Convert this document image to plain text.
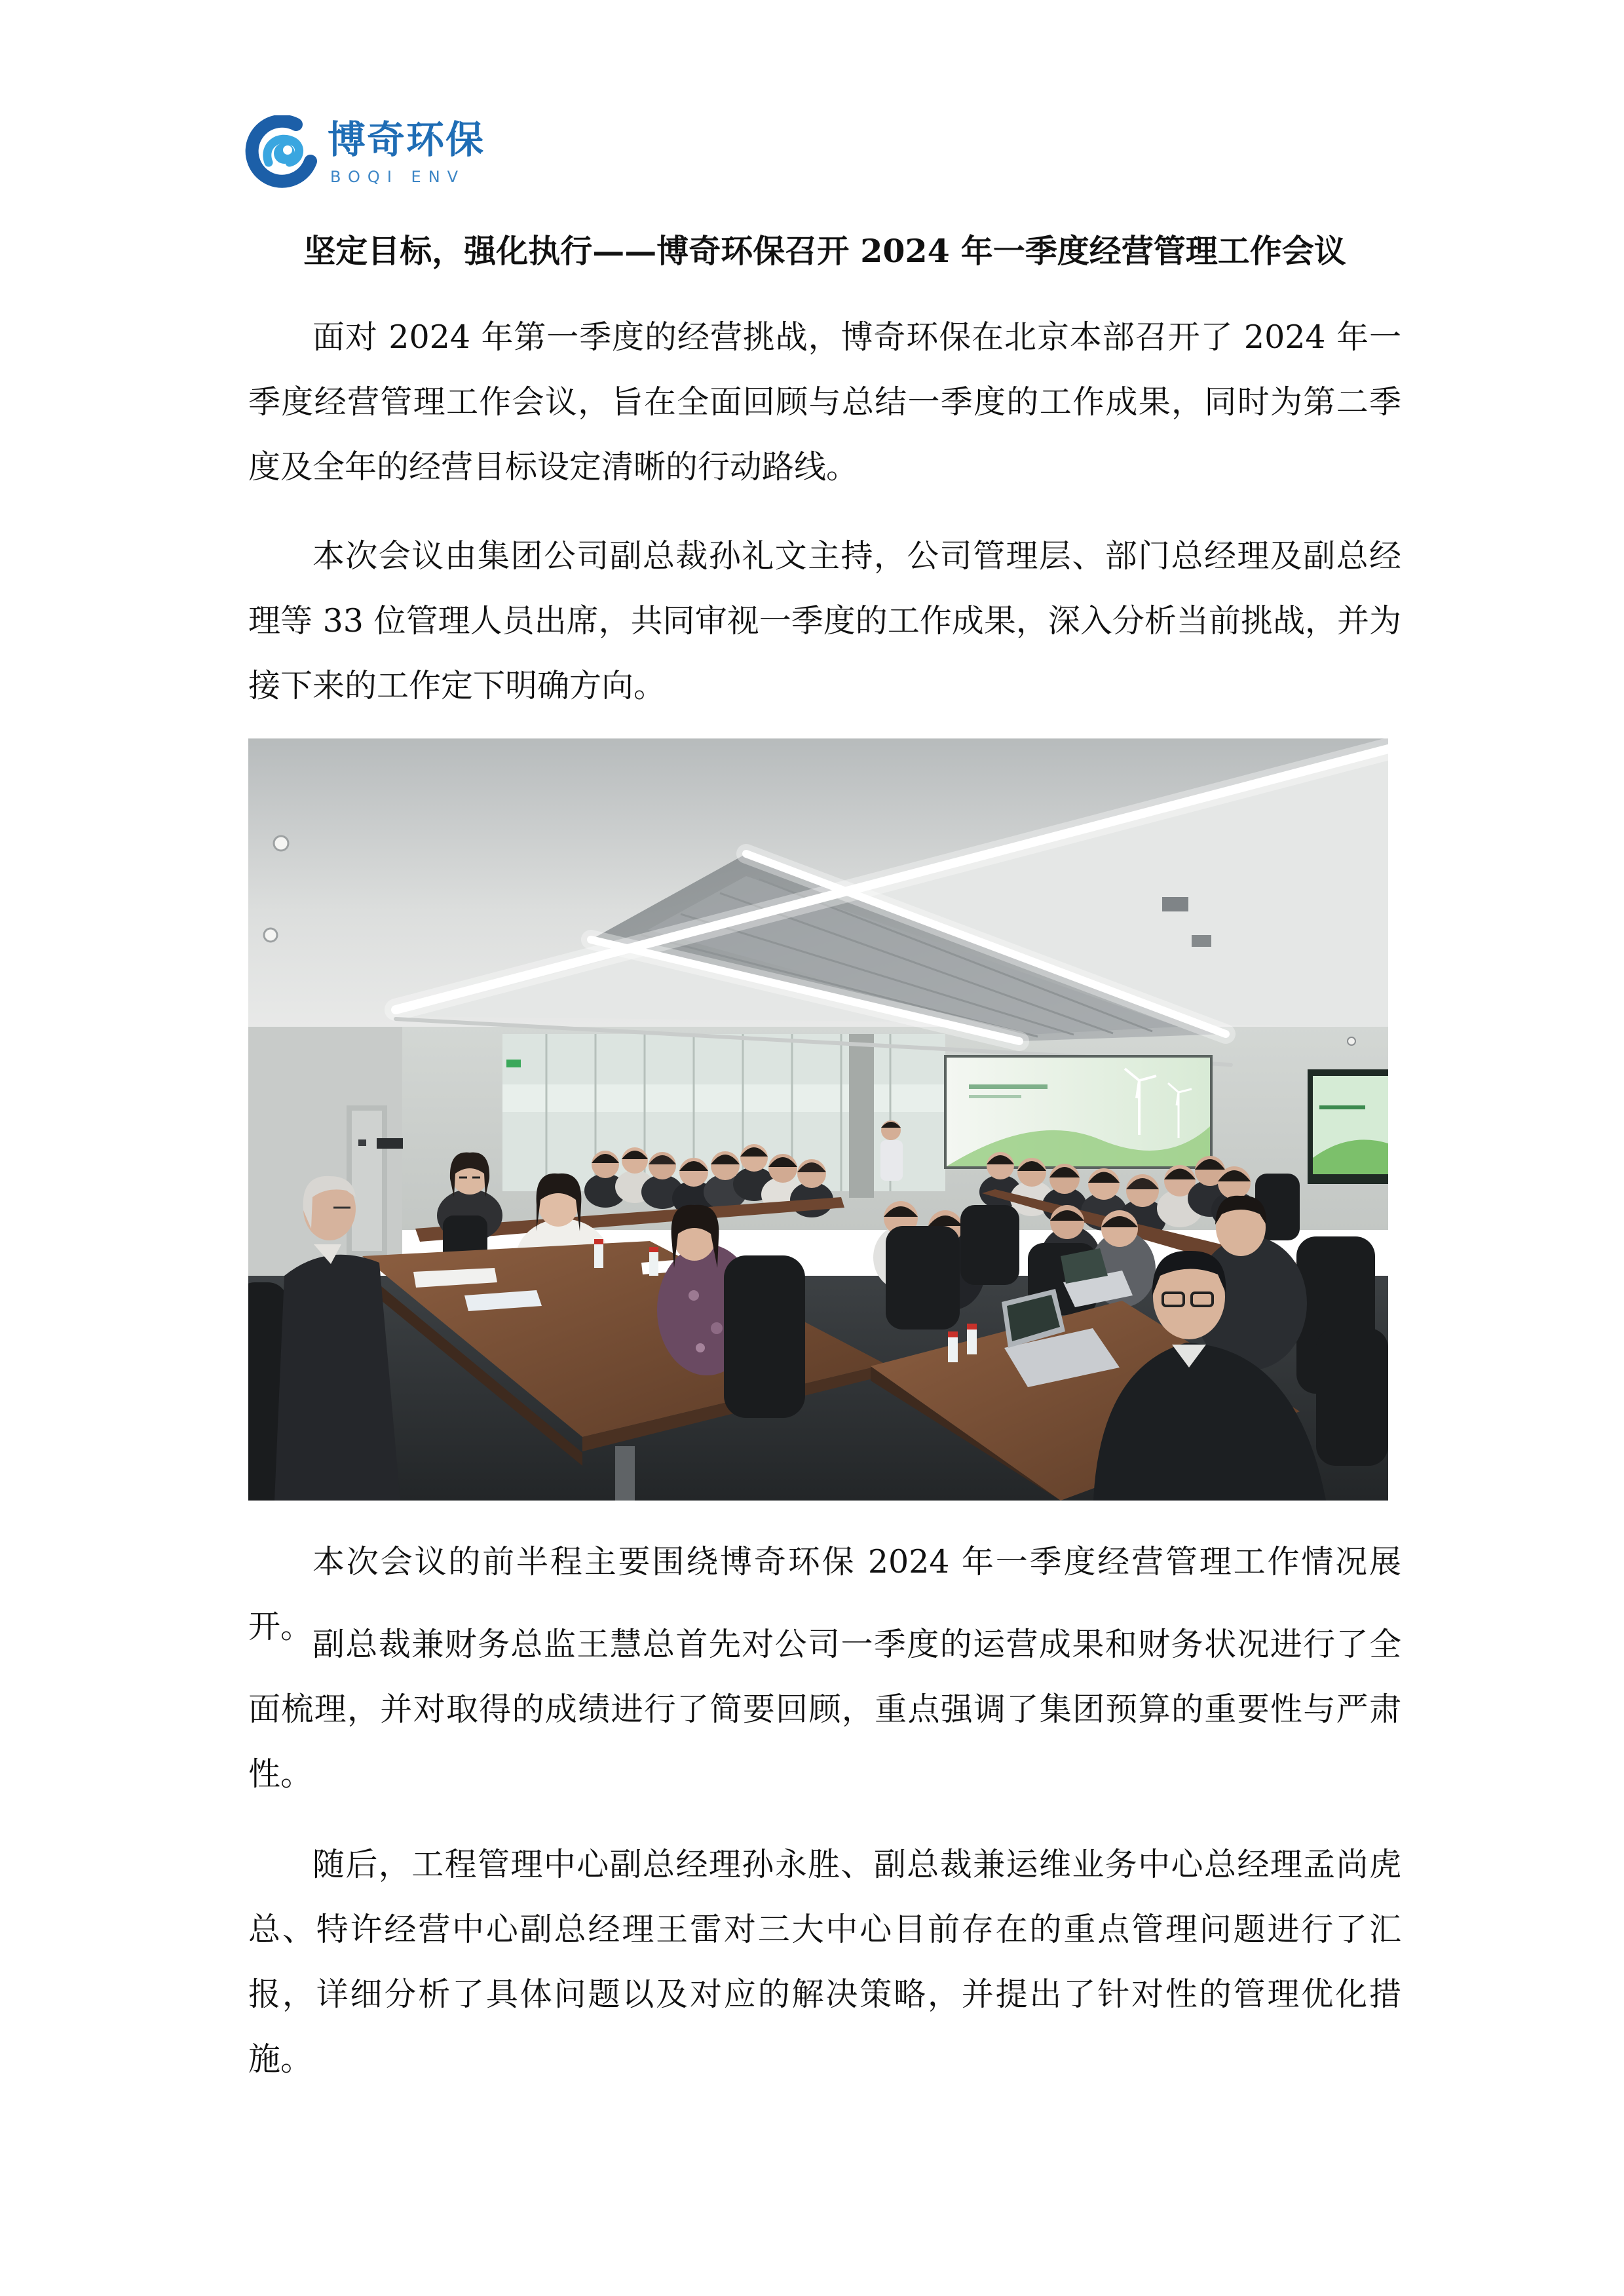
博奇环保
BOQI ENV
坚定目标，强化执行——博奇环保召开 2024 年一季度经营管理工作会议

面对 2024 年第一季度的经营挑战，博奇环保在北京本部召开了 2024 年一季度经营管理工作会议，旨在全面回顾与总结一季度的工作成果，同时为第二季度及全年的经营目标设定清晰的行动路线。

本次会议由集团公司副总裁孙礼文主持，公司管理层、部门总经理及副总经理等 33 位管理人员出席，共同审视一季度的工作成果，深入分析当前挑战，并为接下来的工作定下明确方向。

本次会议的前半程主要围绕博奇环保 2024 年一季度经营管理工作情况展开。 副总裁兼财务总监王慧总首先对公司一季度的运营成果和财务状况进行了全面梳理，并对取得的成绩进行了简要回顾，重点强调了集团预算的重要性与严肃性。

随后，工程管理中心副总经理孙永胜、副总裁兼运维业务中心总经理孟尚虎总、特许经营中心副总经理王雷对三大中心目前存在的重点管理问题进行了汇报，详细分析了具体问题以及对应的解决策略，并提出了针对性的管理优化措施。
